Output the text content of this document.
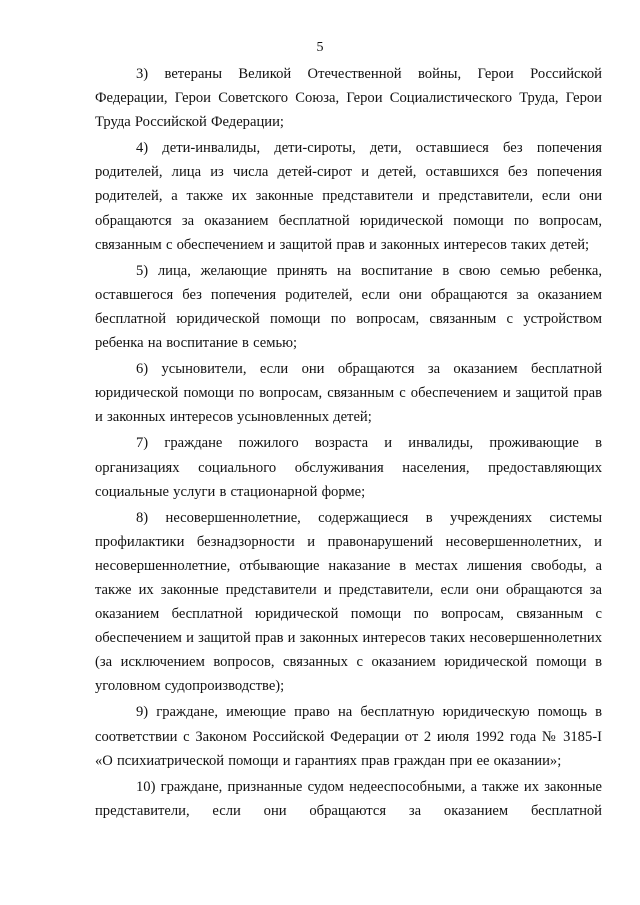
5

3) ветераны Великой Отечественной войны, Герои Российской Федерации, Герои Советского Союза, Герои Социалистического Труда, Герои Труда Российской Федерации;

4) дети-инвалиды, дети-сироты, дети, оставшиеся без попечения родителей, лица из числа детей-сирот и детей, оставшихся без попечения родителей, а также их законные представители и представители, если они обращаются за оказанием бесплатной юридической помощи по вопросам, связанным с обеспечением и защитой прав и законных интересов таких детей;

5) лица, желающие принять на воспитание в свою семью ребенка, оставшегося без попечения родителей, если они обращаются за оказанием бесплатной юридической помощи по вопросам, связанным с устройством ребенка на воспитание в семью;

6) усыновители, если они обращаются за оказанием бесплатной юридической помощи по вопросам, связанным с обеспечением и защитой прав и законных интересов усыновленных детей;

7) граждане пожилого возраста и инвалиды, проживающие в организациях социального обслуживания населения, предоставляющих социальные услуги в стационарной форме;

8) несовершеннолетние, содержащиеся в учреждениях системы профилактики безнадзорности и правонарушений несовершеннолетних, и несовершеннолетние, отбывающие наказание в местах лишения свободы, а также их законные представители и представители, если они обращаются за оказанием бесплатной юридической помощи по вопросам, связанным с обеспечением и защитой прав и законных интересов таких несовершеннолетних (за исключением вопросов, связанных с оказанием юридической помощи в уголовном судопроизводстве);

9) граждане, имеющие право на бесплатную юридическую помощь в соответствии с Законом Российской Федерации от 2 июля 1992 года № 3185-I «О психиатрической помощи и гарантиях прав граждан при ее оказании»;

10) граждане, признанные судом недееспособными, а также их законные представители, если они обращаются за оказанием бесплатной
